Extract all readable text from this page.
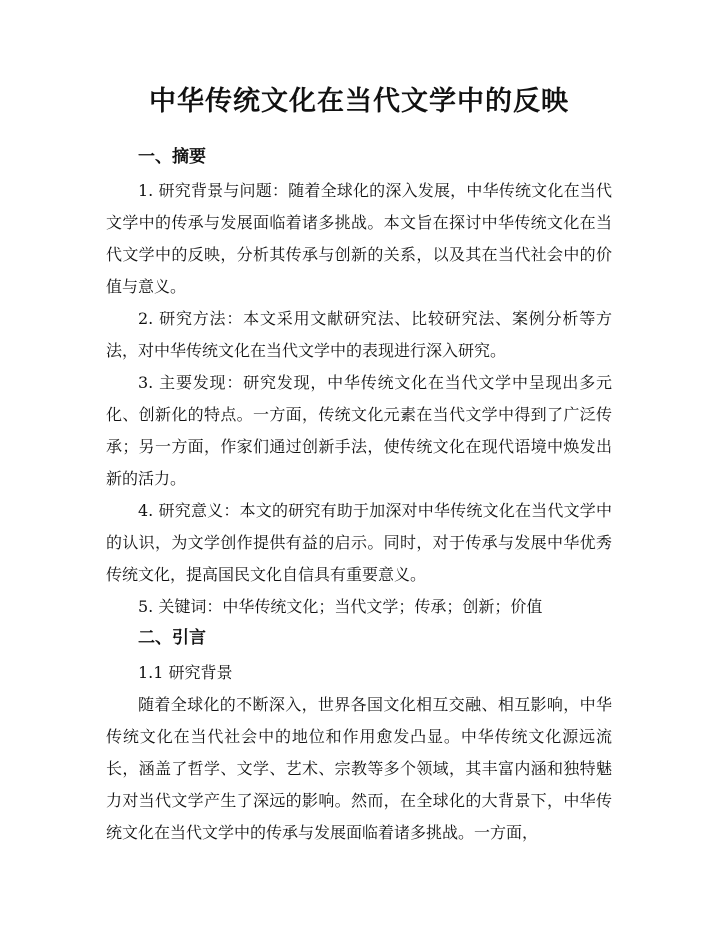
中华传统文化在当代文学中的反映
一、摘要

1. 研究背景与问题：随着全球化的深入发展，中华传统文化在当代文学中的传承与发展面临着诸多挑战。本文旨在探讨中华传统文化在当代文学中的反映，分析其传承与创新的关系，以及其在当代社会中的价值与意义。

2. 研究方法：本文采用文献研究法、比较研究法、案例分析等方法，对中华传统文化在当代文学中的表现进行深入研究。

3. 主要发现：研究发现，中华传统文化在当代文学中呈现出多元化、创新化的特点。一方面，传统文化元素在当代文学中得到了广泛传承；另一方面，作家们通过创新手法，使传统文化在现代语境中焕发出新的活力。

4. 研究意义：本文的研究有助于加深对中华传统文化在当代文学中的认识，为文学创作提供有益的启示。同时，对于传承与发展中华优秀传统文化，提高国民文化自信具有重要意义。

5. 关键词：中华传统文化；当代文学；传承；创新；价值

二、引言
1.1 研究背景

随着全球化的不断深入，世界各国文化相互交融、相互影响，中华传统文化在当代社会中的地位和作用愈发凸显。中华传统文化源远流长，涵盖了哲学、文学、艺术、宗教等多个领域，其丰富内涵和独特魅力对当代文学产生了深远的影响。然而，在全球化的大背景下，中华传统文化在当代文学中的传承与发展面临着诸多挑战。一方面，
